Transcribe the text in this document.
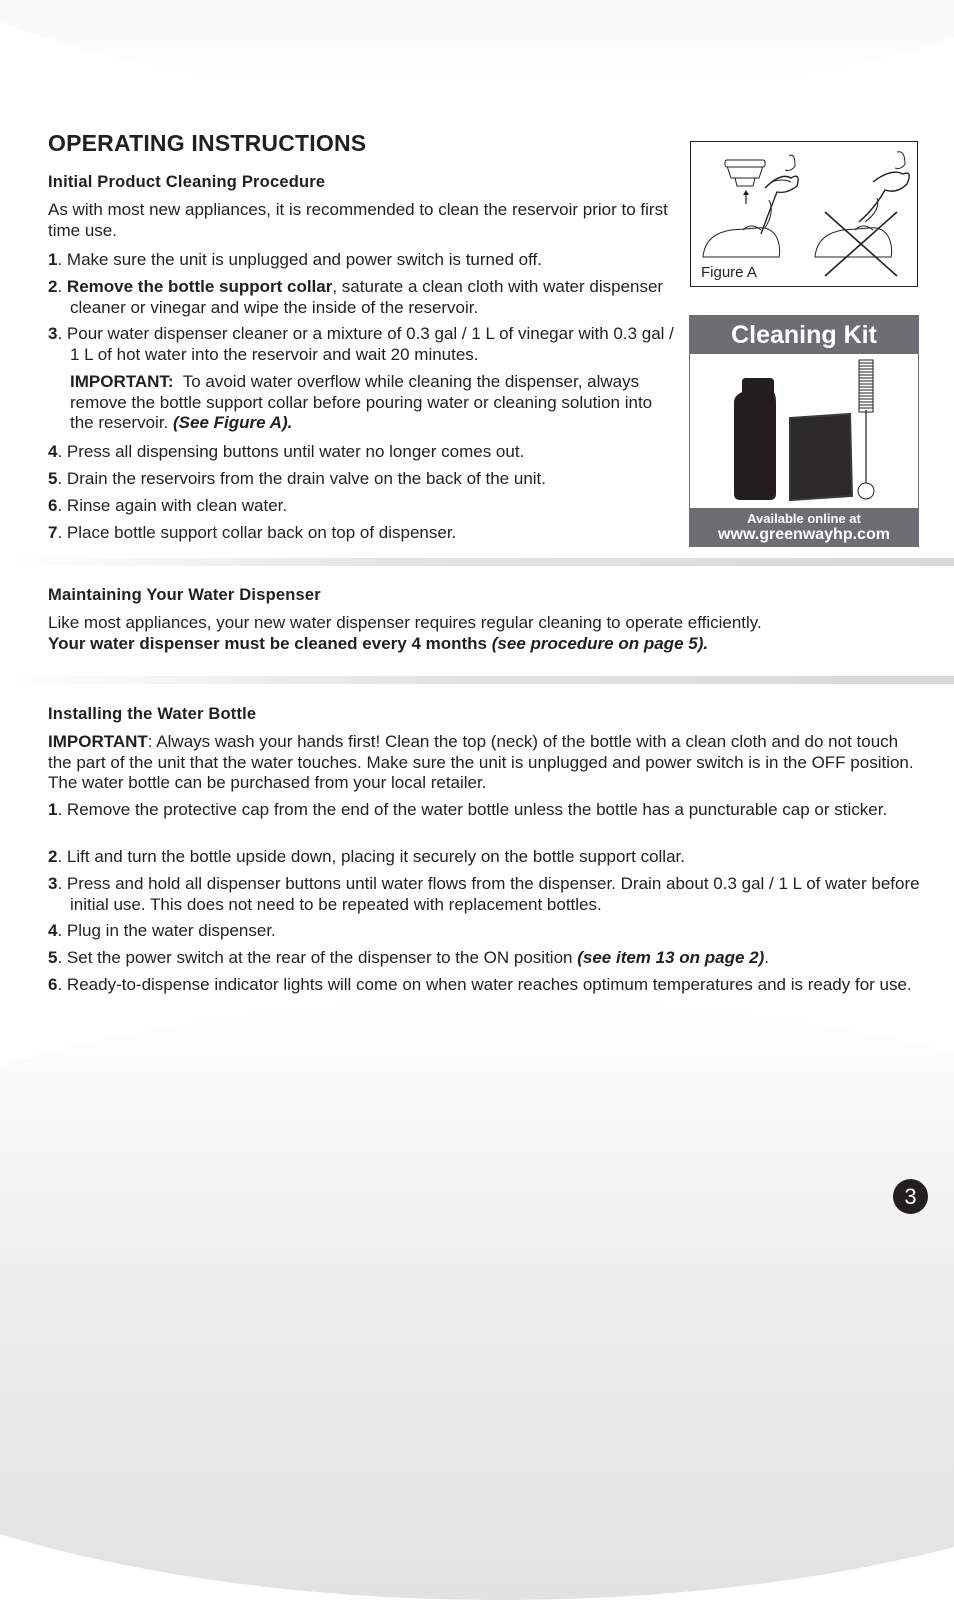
OPERATING INSTRUCTIONS
Initial Product Cleaning Procedure

As with most new appliances, it is recommended to clean the reservoir prior to first time use.

1. Make sure the unit is unplugged and power switch is turned off.
2. Remove the bottle support collar, saturate a clean cloth with water dispenser cleaner or vinegar and wipe the inside of the reservoir.
3. Pour water dispenser cleaner or a mixture of 0.3 gal / 1 L of vinegar with 0.3 gal / 1 L of hot water into the reservoir and wait 20 minutes.
IMPORTANT: To avoid water overflow while cleaning the dispenser, always remove the bottle support collar before pouring water or cleaning solution into the reservoir. (See Figure A).
4. Press all dispensing buttons until water no longer comes out.
5. Drain the reservoirs from the drain valve on the back of the unit.
6. Rinse again with clean water.
7. Place bottle support collar back on top of dispenser.
Figure A
Cleaning Kit
Available online at
www.greenwayhp.com
Maintaining Your Water Dispenser

Like most appliances, your new water dispenser requires regular cleaning to operate efficiently.
Your water dispenser must be cleaned every 4 months (see procedure on page 5).

Installing the Water Bottle

IMPORTANT: Always wash your hands first! Clean the top (neck) of the bottle with a clean cloth and do not touch the part of the unit that the water touches. Make sure the unit is unplugged and power switch is in the OFF position. The water bottle can be purchased from your local retailer.

1. Remove the protective cap from the end of the water bottle unless the bottle has a puncturable cap or sticker.
2. Lift and turn the bottle upside down, placing it securely on the bottle support collar.
3. Press and hold all dispenser buttons until water flows from the dispenser. Drain about 0.3 gal / 1 L of water before initial use. This does not need to be repeated with replacement bottles.
4. Plug in the water dispenser.
5. Set the power switch at the rear of the dispenser to the ON position (see item 13 on page 2).
6. Ready-to-dispense indicator lights will come on when water reaches optimum temperatures and is ready for use.
3
